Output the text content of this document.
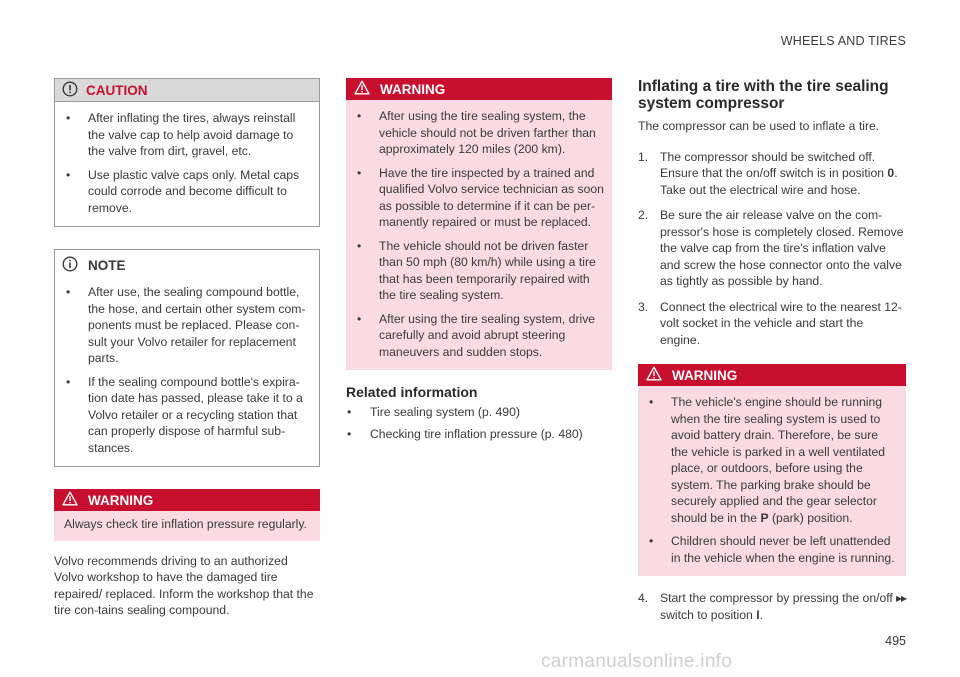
WHEELS AND TIRES
CAUTION
• After inflating the tires, always reinstall the valve cap to help avoid damage to the valve from dirt, gravel, etc.
• Use plastic valve caps only. Metal caps could corrode and become difficult to remove.
NOTE
• After use, the sealing compound bottle, the hose, and certain other system com-ponents must be replaced. Please con-sult your Volvo retailer for replacement parts.
• If the sealing compound bottle's expira-tion date has passed, please take it to a Volvo retailer or a recycling station that can properly dispose of harmful sub-stances.
WARNING
Always check tire inflation pressure regularly.

Volvo recommends driving to an authorized Volvo workshop to have the damaged tire repaired/ replaced. Inform the workshop that the tire con-tains sealing compound.

WARNING
• After using the tire sealing system, the vehicle should not be driven farther than approximately 120 miles (200 km).
• Have the tire inspected by a trained and qualified Volvo service technician as soon as possible to determine if it can be per-manently repaired or must be replaced.
• The vehicle should not be driven faster than 50 mph (80 km/h) while using a tire that has been temporarily repaired with the tire sealing system.
• After using the tire sealing system, drive carefully and avoid abrupt steering maneuvers and sudden stops.
Related information
• Tire sealing system (p. 490)
• Checking tire inflation pressure (p. 480)
Inflating a tire with the tire sealing system compressor

The compressor can be used to inflate a tire.

1. The compressor should be switched off. Ensure that the on/off switch is in position 0. Take out the electrical wire and hose.
2. Be sure the air release valve on the com-pressor's hose is completely closed. Remove the valve cap from the tire's inflation valve and screw the hose connector onto the valve as tightly as possible by hand.
3. Connect the electrical wire to the nearest 12-volt socket in the vehicle and start the engine.
WARNING
• The vehicle's engine should be running when the tire sealing system is used to avoid battery drain. Therefore, be sure the vehicle is parked in a well ventilated place, or outdoors, before using the system. The parking brake should be securely applied and the gear selector should be in the P (park) position.
• Children should never be left unattended in the vehicle when the engine is running.
4. Start the compressor by pressing the on/off switch to position I.
▸▸
495
carmanualsonline.info
